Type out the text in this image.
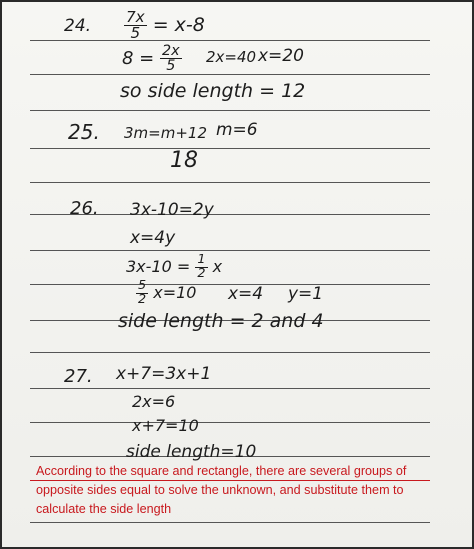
24. $\frac{7x}{5} = x-8$
$8 = \frac{2x}{5} 2x=40$ x=20
so side length = 12
25. 3m=m+12 m=6
18
26. 3x-10=2y
x=4y
$3x-10 = \frac{1}{2}$ x
$\frac{5}{2} x=10$ x=4 y=1
side length = 2 and 4
27. x+7=3x+1
2x=6
x+7=10
side length=10
According to the square and rectangle, there are several groups of opposite sides equal to solve the unknown, and substitute them to calculate the side length
